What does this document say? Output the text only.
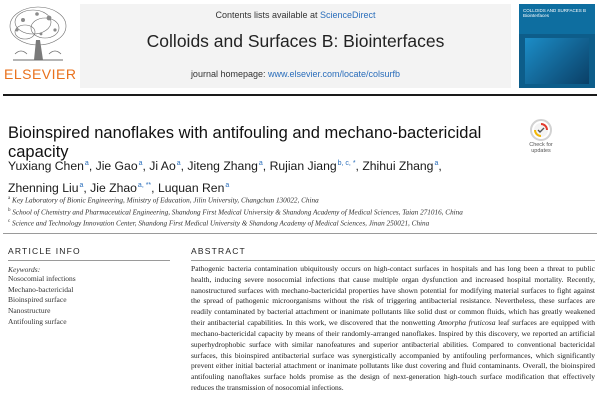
ELSEVIER
Contents lists available at ScienceDirect
Colloids and Surfaces B: Biointerfaces
journal homepage: www.elsevier.com/locate/colsurfb
COLLOIDS AND SURFACES B Biointerfaces
Bioinspired nanoflakes with antifouling and mechano-bactericidal capacity	Check for updates
Yuxiang Chen$^a$, Jie Gao$^a$, Ji Ao$^a$, Jiteng Zhang$^a$, Rujian Jiang$^{b, c, *}$, Zhihui Zhang$^a$,
Zhenning Liu$^a$, Jie Zhao$^{a, **}$, Luquan Ren$^a$
$^a$ Key Laboratory of Bionic Engineering, Ministry of Education, Jilin University, Changchun 130022, China
$^b$ School of Chemistry and Pharmaceutical Engineering, Shandong First Medical University & Shandong Academy of Medical Sciences, Taian 271016, China
$^c$ Science and Technology Innovation Center, Shandong First Medical University & Shandong Academy of Medical Sciences, Jinan 250021, China
ARTICLE INFO
Keywords:
Nosocomial infections
Mechano-bactericidal
Bioinspired surface
Nanostructure
Antifouling surface
ABSTRACT
Pathogenic bacteria contamination ubiquitously occurs on high-contact surfaces in hospitals and has long been a threat to public health, inducing severe nosocomial infections that cause multiple organ dysfunction and increased hospital mortality. Recently, nanostructured surfaces with mechano-bactericidal properties have shown potential for modifying material surfaces to fight against the spread of pathogenic microorganisms without the risk of triggering antibacterial resistance. Nevertheless, these surfaces are readily contaminated by bacterial attachment or inanimate pollutants like solid dust or common fluids, which has greatly weakened their antibacterial capabilities. In this work, we discovered that the nonwetting Amorpha fruticosa leaf surfaces are equipped with mechano-bactericidal capacity by means of their randomly-arranged nanoflakes. Inspired by this discovery, we reported an artificial superhydrophobic surface with similar nanofeatures and superior antibacterial abilities. Compared to conventional bactericidal surfaces, this bioinspired antibacterial surface was synergistically accompanied by antifouling performances, which significantly prevent either initial bacterial attachment or inanimate pollutants like dust covering and fluid contaminants. Overall, the bioinspired antifouling nanoflakes surface holds promise as the design of next-generation high-touch surface modification that effectively reduces the transmission of nosocomial infections.
